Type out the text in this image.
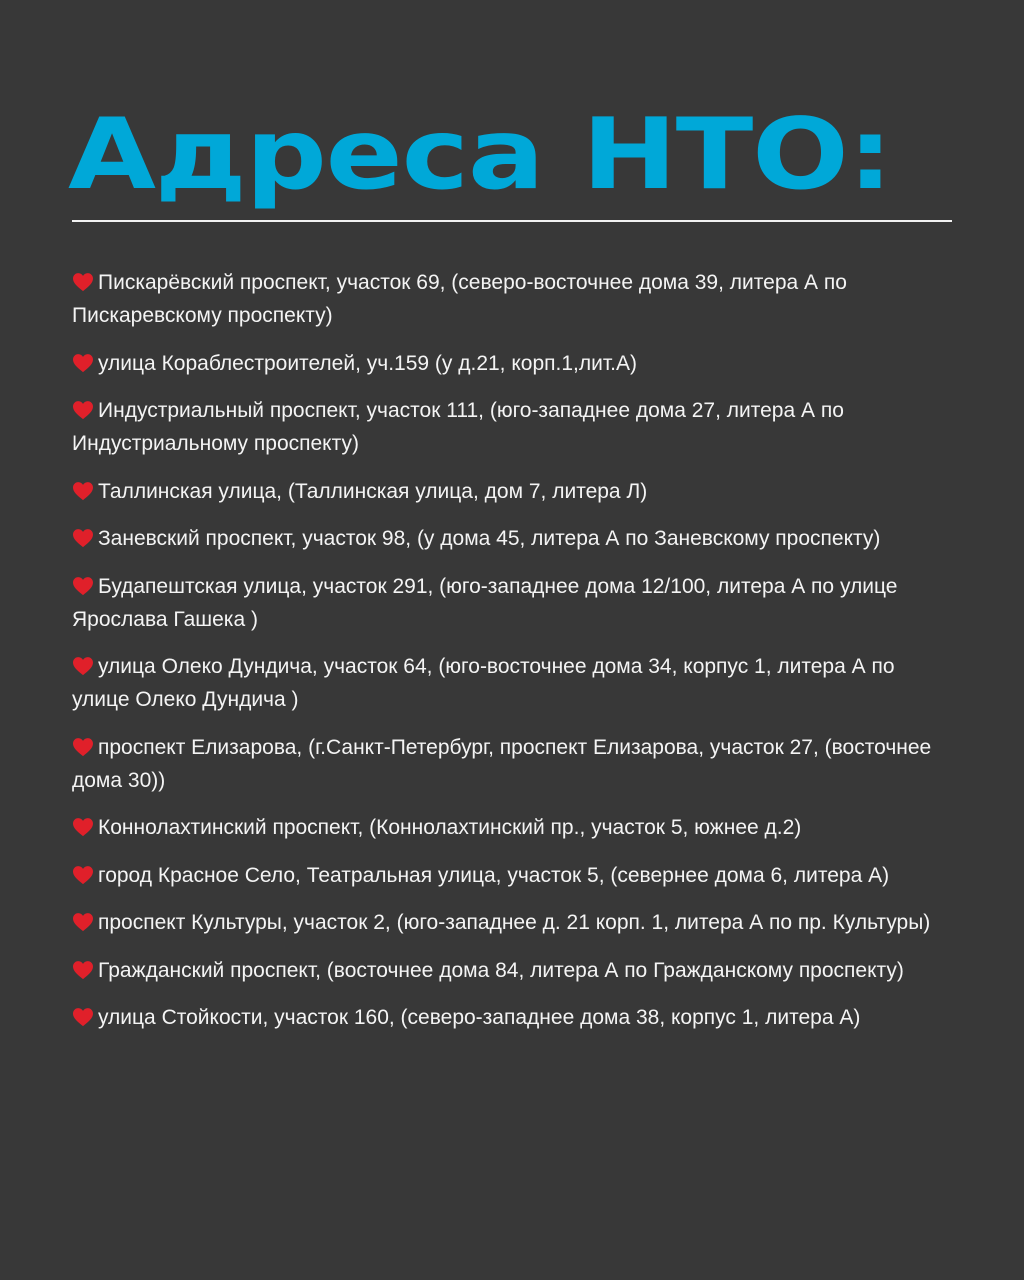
Адреса НТО:
Пискарёвский проспект, участок 69, (северо-восточнее дома 39, литера А по Пискаревскому проспекту)
улица Кораблестроителей, уч.159 (у д.21, корп.1,лит.А)
Индустриальный проспект, участок 111, (юго-западнее дома 27, литера А по Индустриальному проспекту)
Таллинская улица, (Таллинская улица, дом 7, литера Л)
Заневский проспект, участок 98, (у дома 45, литера А по Заневскому проспекту)
Будапештская улица, участок 291, (юго-западнее дома 12/100, литера А по улице Ярослава Гашека )
улица Олеко Дундича, участок 64, (юго-восточнее дома 34, корпус 1, литера А по улице Олеко Дундича )
проспект Елизарова, (г.Санкт-Петербург, проспект Елизарова, участок 27, (восточнее дома 30))
Коннолахтинский проспект, (Коннолахтинский пр., участок 5, южнее д.2)
город Красное Село, Театральная улица, участок 5, (севернее дома 6, литера А)
проспект Культуры, участок 2, (юго-западнее д. 21 корп. 1, литера А по пр. Культуры)
Гражданский проспект, (восточнее дома 84, литера А по Гражданскому проспекту)
улица Стойкости, участок 160, (северо-западнее дома 38, корпус 1, литера А)
